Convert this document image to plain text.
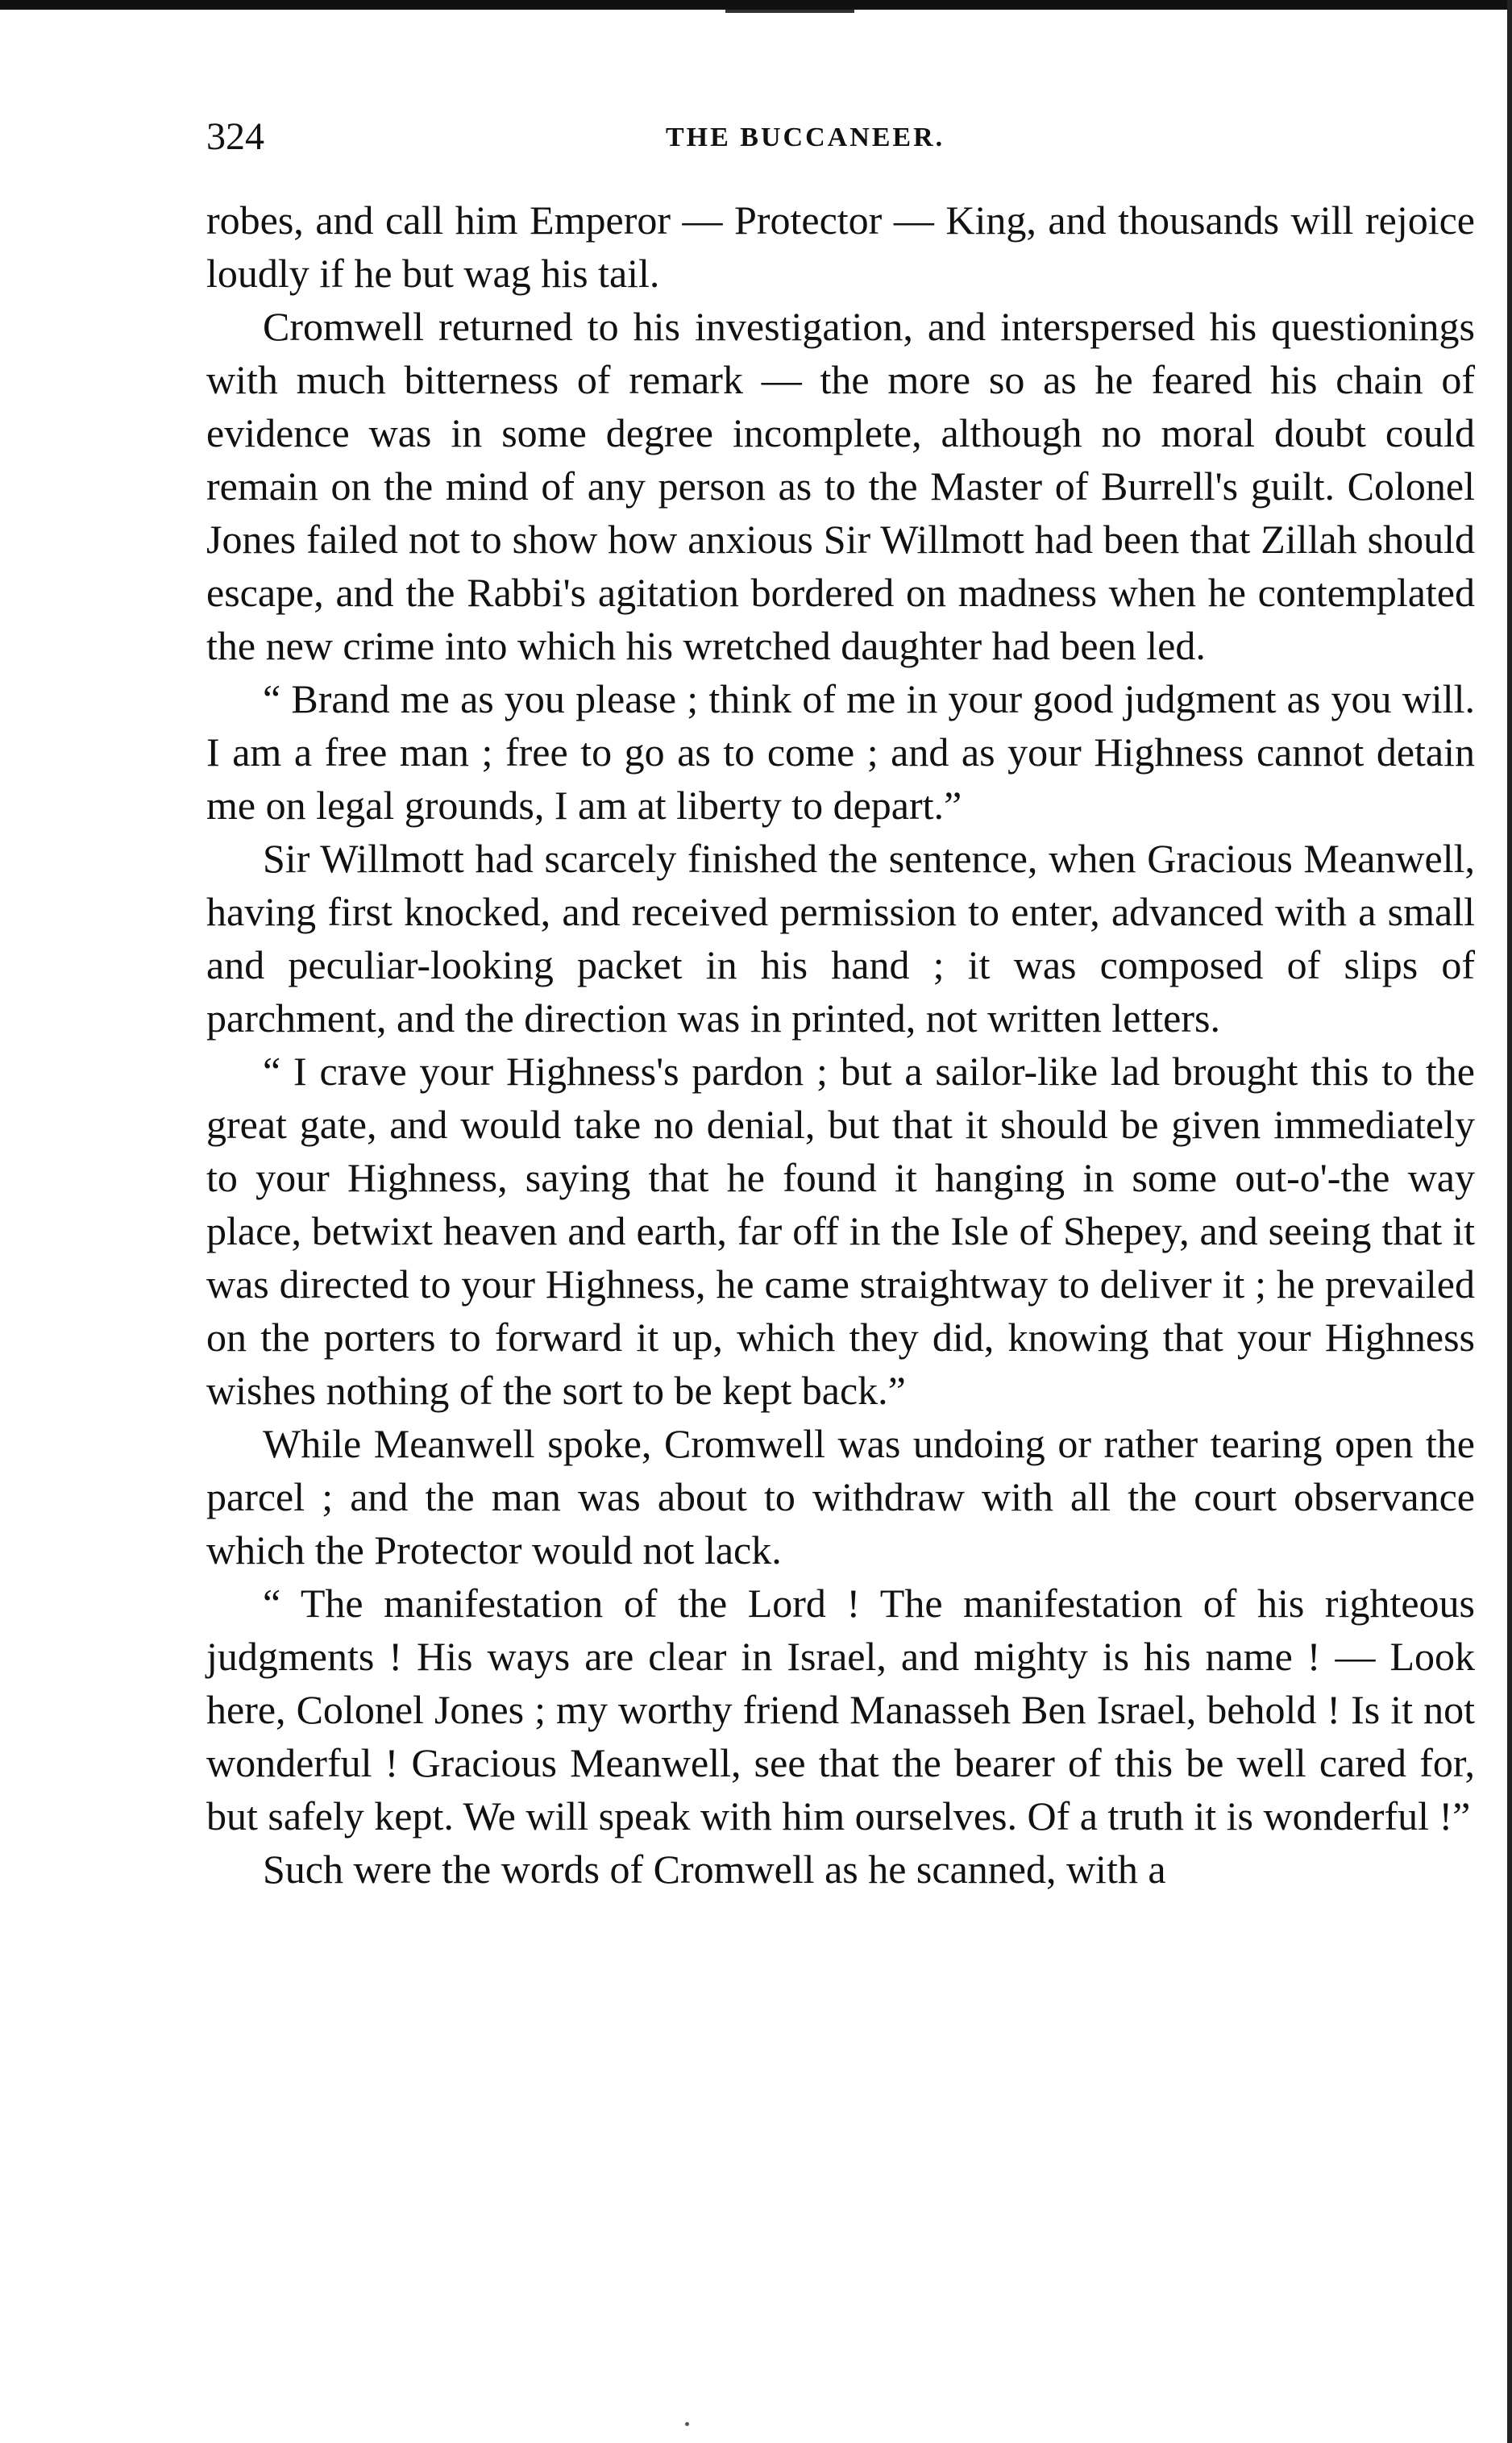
324	THE BUCCANEER.

robes, and call him Emperor — Protector — King, and thousands will rejoice loudly if he but wag his tail.

Cromwell returned to his investigation, and interspersed his questionings with much bitterness of remark — the more so as he feared his chain of evidence was in some degree incomplete, although no moral doubt could remain on the mind of any person as to the Master of Burrell's guilt. Colonel Jones failed not to show how anxious Sir Willmott had been that Zillah should escape, and the Rabbi's agitation bordered on madness when he contemplated the new crime into which his wretched daughter had been led.

“ Brand me as you please ; think of me in your good judgment as you will. I am a free man ; free to go as to come ; and as your Highness cannot detain me on legal grounds, I am at liberty to depart.”

Sir Willmott had scarcely finished the sentence, when Gracious Meanwell, having first knocked, and received permission to enter, advanced with a small and peculiar-looking packet in his hand ; it was composed of slips of parchment, and the direction was in printed, not written letters.

“ I crave your Highness's pardon ; but a sailor-like lad brought this to the great gate, and would take no denial, but that it should be given immediately to your Highness, saying that he found it hanging in some out-o'-the way place, betwixt heaven and earth, far off in the Isle of Shepey, and seeing that it was directed to your Highness, he came straightway to deliver it ; he prevailed on the porters to forward it up, which they did, knowing that your Highness wishes nothing of the sort to be kept back.”

While Meanwell spoke, Cromwell was undoing or rather tearing open the parcel ; and the man was about to withdraw with all the court observance which the Protector would not lack.

“ The manifestation of the Lord ! The manifestation of his righteous judgments ! His ways are clear in Israel, and mighty is his name ! — Look here, Colonel Jones ; my worthy friend Manasseh Ben Israel, behold ! Is it not wonderful ! Gracious Meanwell, see that the bearer of this be well cared for, but safely kept. We will speak with him ourselves. Of a truth it is wonderful !”

Such were the words of Cromwell as he scanned, with a
